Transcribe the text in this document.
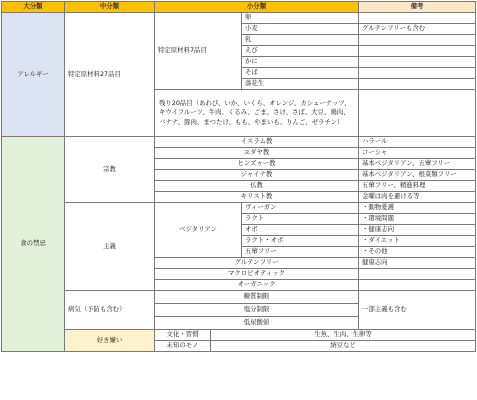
大分類	中分類	小分類			備考	
アレルギー	特定原材料27品目	特定原材料7品目		卵		
				小麦	グルテンフリーも含む	
				乳		
				えび		
				かに		
				そば		
				落花生		
		残り20品目（あわび、いか、いくら、オレンジ、カシューナッツ、キウイフルーツ、牛肉、くるみ、ごま、さけ、さば、大豆、鶏肉、バナナ、豚肉、まつたけ、もも、やまいも、りんご、ゼラチン）				
食の禁忌	宗教	イスラム教			ハラール	
		ユダヤ教			コーシャ	
		ヒンズゥー教			基本ベジタリアン、五葷フリー	
		ジャイナ教			基本ベジタリアン、根菜類フリー	
		仏教			五葷フリー、精進料理	
		キリスト教			金曜は肉を避ける等	
	主義	ベジタリアン		ヴィーガン	・動物愛護	
				ラクト	・環境問題	
				オボ	・健康志向	
				ラクト・オボ	・ダイエット	
				五葷フリー	・その他	
		グルテンフリー			健康志向	
		マクロビオティック				
		オーガニック				
	病気（予防も含む）	糖質制限			一部主義も含む	
		塩分制限				
		低尿酸値				
	好き嫌い	文化・習慣	生魚、生肉、生卵等			
		未知のモノ	納豆など			
